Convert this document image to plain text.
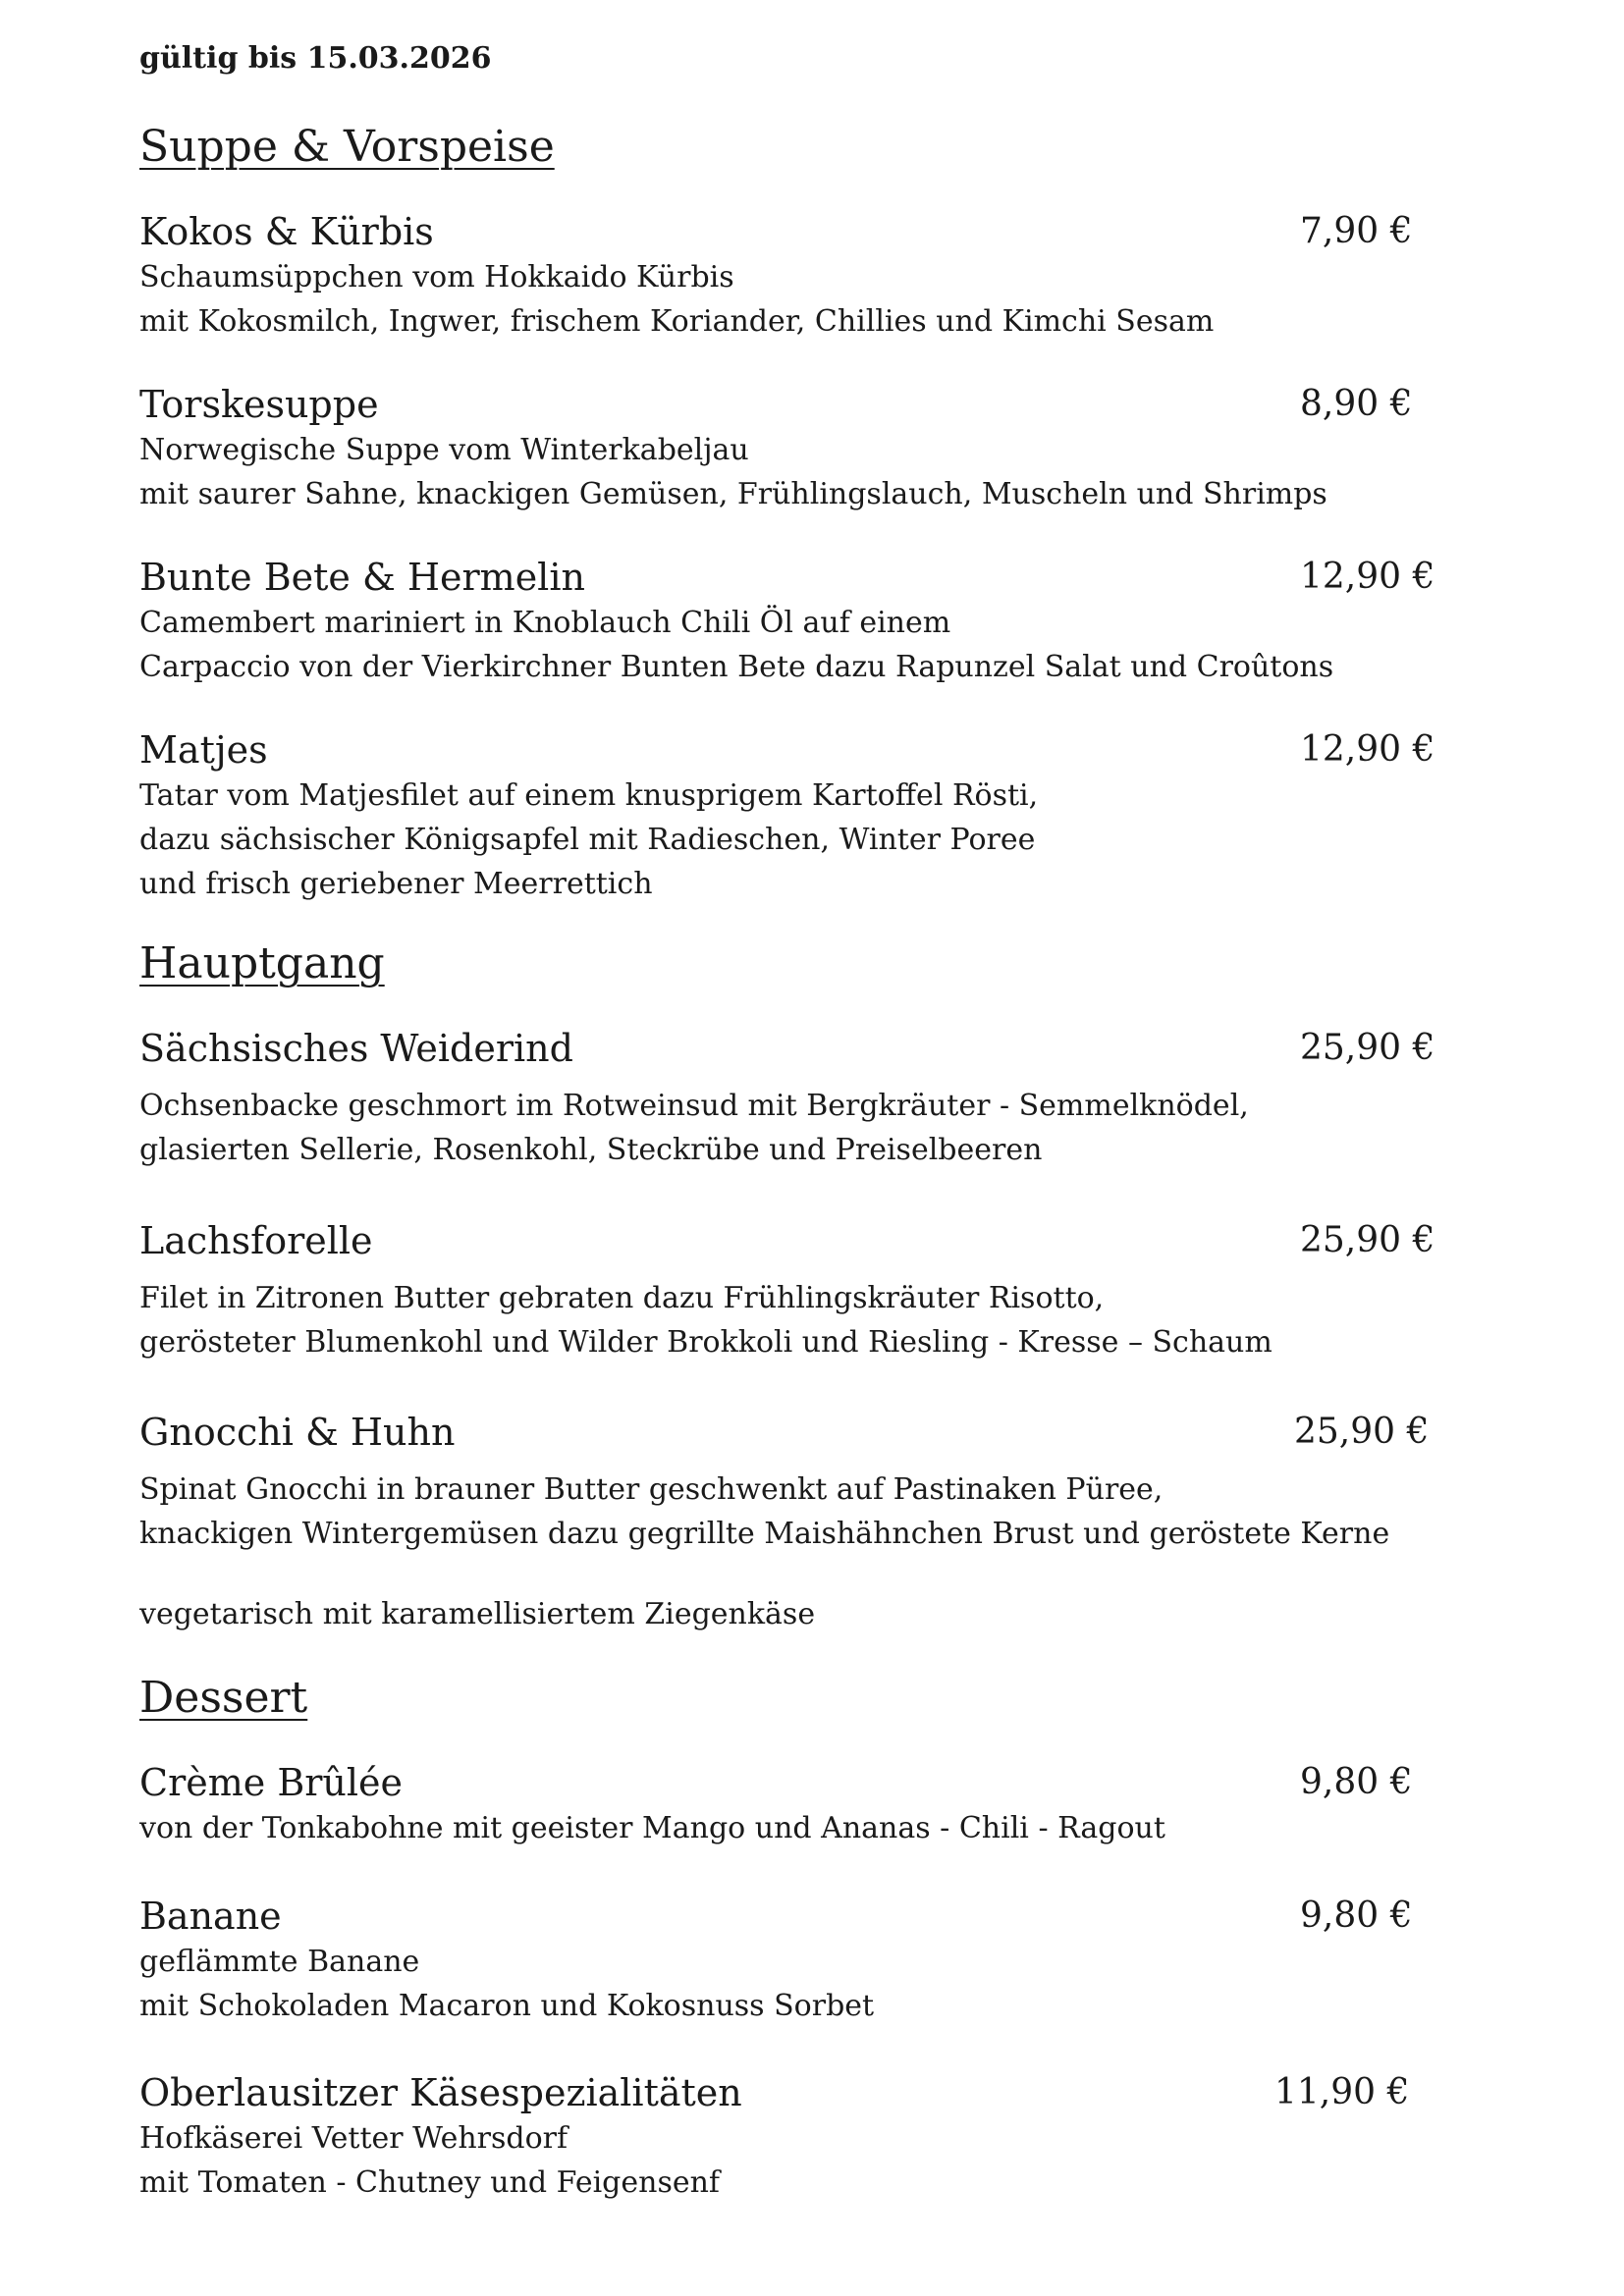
gültig bis 15.03.2026
Suppe & Vorspeise
Kokos & Kürbis	7,90 €
Schaumsüppchen vom Hokkaido Kürbis
mit Kokosmilch, Ingwer, frischem Koriander, Chillies und Kimchi Sesam
Torskesuppe	8,90 €
Norwegische Suppe vom Winterkabeljau
mit saurer Sahne, knackigen Gemüsen, Frühlingslauch, Muscheln und Shrimps
Bunte Bete & Hermelin	12,90 €
Camembert mariniert in Knoblauch Chili Öl auf einem
Carpaccio von der Vierkirchner Bunten Bete dazu Rapunzel Salat und Croûtons
Matjes	12,90 €
Tatar vom Matjesfilet auf einem knusprigem Kartoffel Rösti,
dazu sächsischer Königsapfel mit Radieschen, Winter Poree
und frisch geriebener Meerrettich
Hauptgang
Sächsisches Weiderind	25,90 €
Ochsenbacke geschmort im Rotweinsud mit Bergkräuter - Semmelknödel,
glasierten Sellerie, Rosenkohl, Steckrübe und Preiselbeeren
Lachsforelle	25,90 €
Filet in Zitronen Butter gebraten dazu Frühlingskräuter Risotto,
gerösteter Blumenkohl und Wilder Brokkoli und Riesling - Kresse – Schaum
Gnocchi & Huhn	25,90 €
Spinat Gnocchi in brauner Butter geschwenkt auf Pastinaken Püree,
knackigen Wintergemüsen dazu gegrillte Maishähnchen Brust und geröstete Kerne
vegetarisch mit karamellisiertem Ziegenkäse
Dessert
Crème Brûlée	9,80 €
von der Tonkabohne mit geeister Mango und Ananas - Chili - Ragout
Banane	9,80 €
geflämmte Banane
mit Schokoladen Macaron und Kokosnuss Sorbet
Oberlausitzer Käsespezialitäten	11,90 €
Hofkäserei Vetter Wehrsdorf
mit Tomaten - Chutney und Feigensenf
